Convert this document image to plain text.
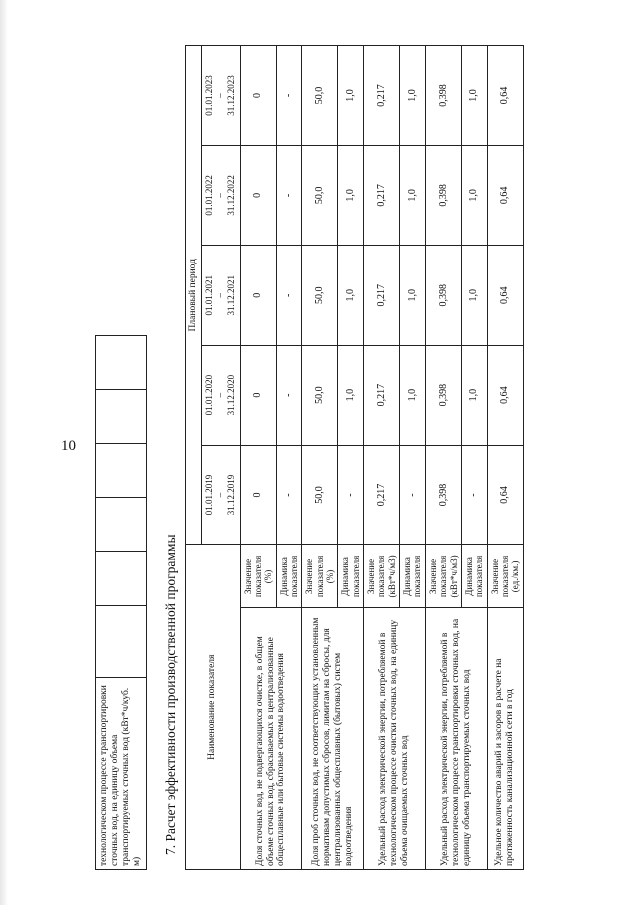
10
технологическом процессе транспортировки сточных вод, на единицу объема транспортируемых сточных вод (кВт*ч/куб. м)						
7. Расчет эффективности производственной программы	Наименование показателя		Плановый период				
		01.01.2019
–
31.12.2019	01.01.2020
–
31.12.2020	01.01.2021
–
31.12.2021	01.01.2022
–
31.12.2022	01.01.2023
–
31.12.2023
Доля сточных вод, не подвергающихся очистке, в общем объеме сточных вод, сбрасываемых в централизованные общесплавные или бытовые системы водоотведения	Значение показателя (%)	0	0	0	0	0
	Динамика показателя	-	-	-	-	-
Доля проб сточных вод, не соответствующих установленным нормативам допустимых сбросов, лимитам на сбросы, для централизованных общесплавных (бытовых) систем водоотведения	Значение показателя (%)	50,0	50,0	50,0	50,0	50,0
	Динамика показателя	-	1,0	1,0	1,0	1,0
Удельный расход электрической энергии, потребляемой в технологическом процессе очистки сточных вод, на единицу объема очищаемых сточных вод	Значение показателя (кВт*ч/м3)	0,217	0,217	0,217	0,217	0,217
	Динамика показателя	-	1,0	1,0	1,0	1,0
Удельный расход электрической энергии, потребляемой в технологическом процессе транспортировки сточных вод, на единицу объема транспортируемых сточных вод	Значение показателя (кВт*ч/м3)	0,398	0,398	0,398	0,398	0,398
	Динамика показателя	-	1,0	1,0	1,0	1,0
Удельное количество аварий и засоров в расчете на протяженность канализационной сети в год	Значение показателя (ед./км.)	0,64	0,64	0,64	0,64	0,64
